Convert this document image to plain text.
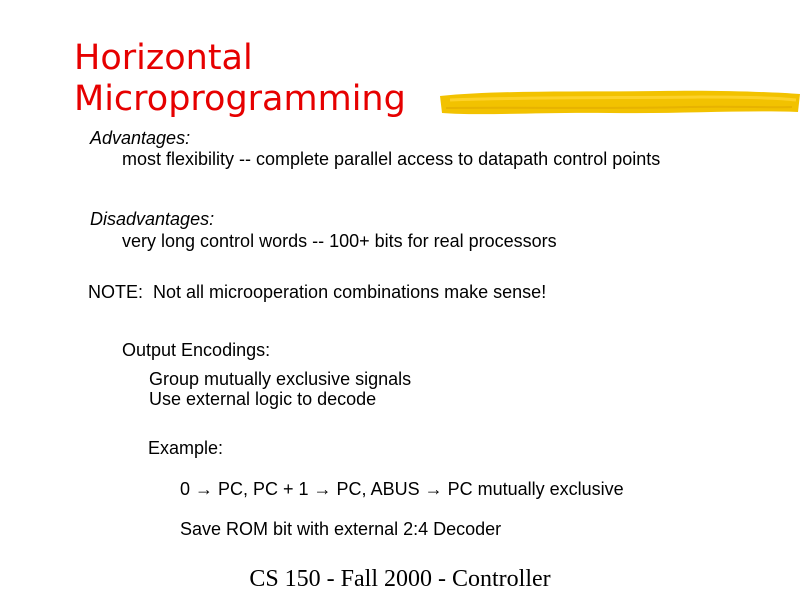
Horizontal
Microprogramming
Advantages:
most flexibility -- complete parallel access to datapath control points
Disadvantages:
very long control words -- 100+ bits for real processors
NOTE:  Not all microoperation combinations make sense!
Output Encodings:
Group mutually exclusive signals
Use external logic to decode
Example:
0 → PC, PC + 1 → PC, ABUS → PC mutually exclusive
Save ROM bit with external 2:4 Decoder
CS 150 - Fall 2000 - Controller
